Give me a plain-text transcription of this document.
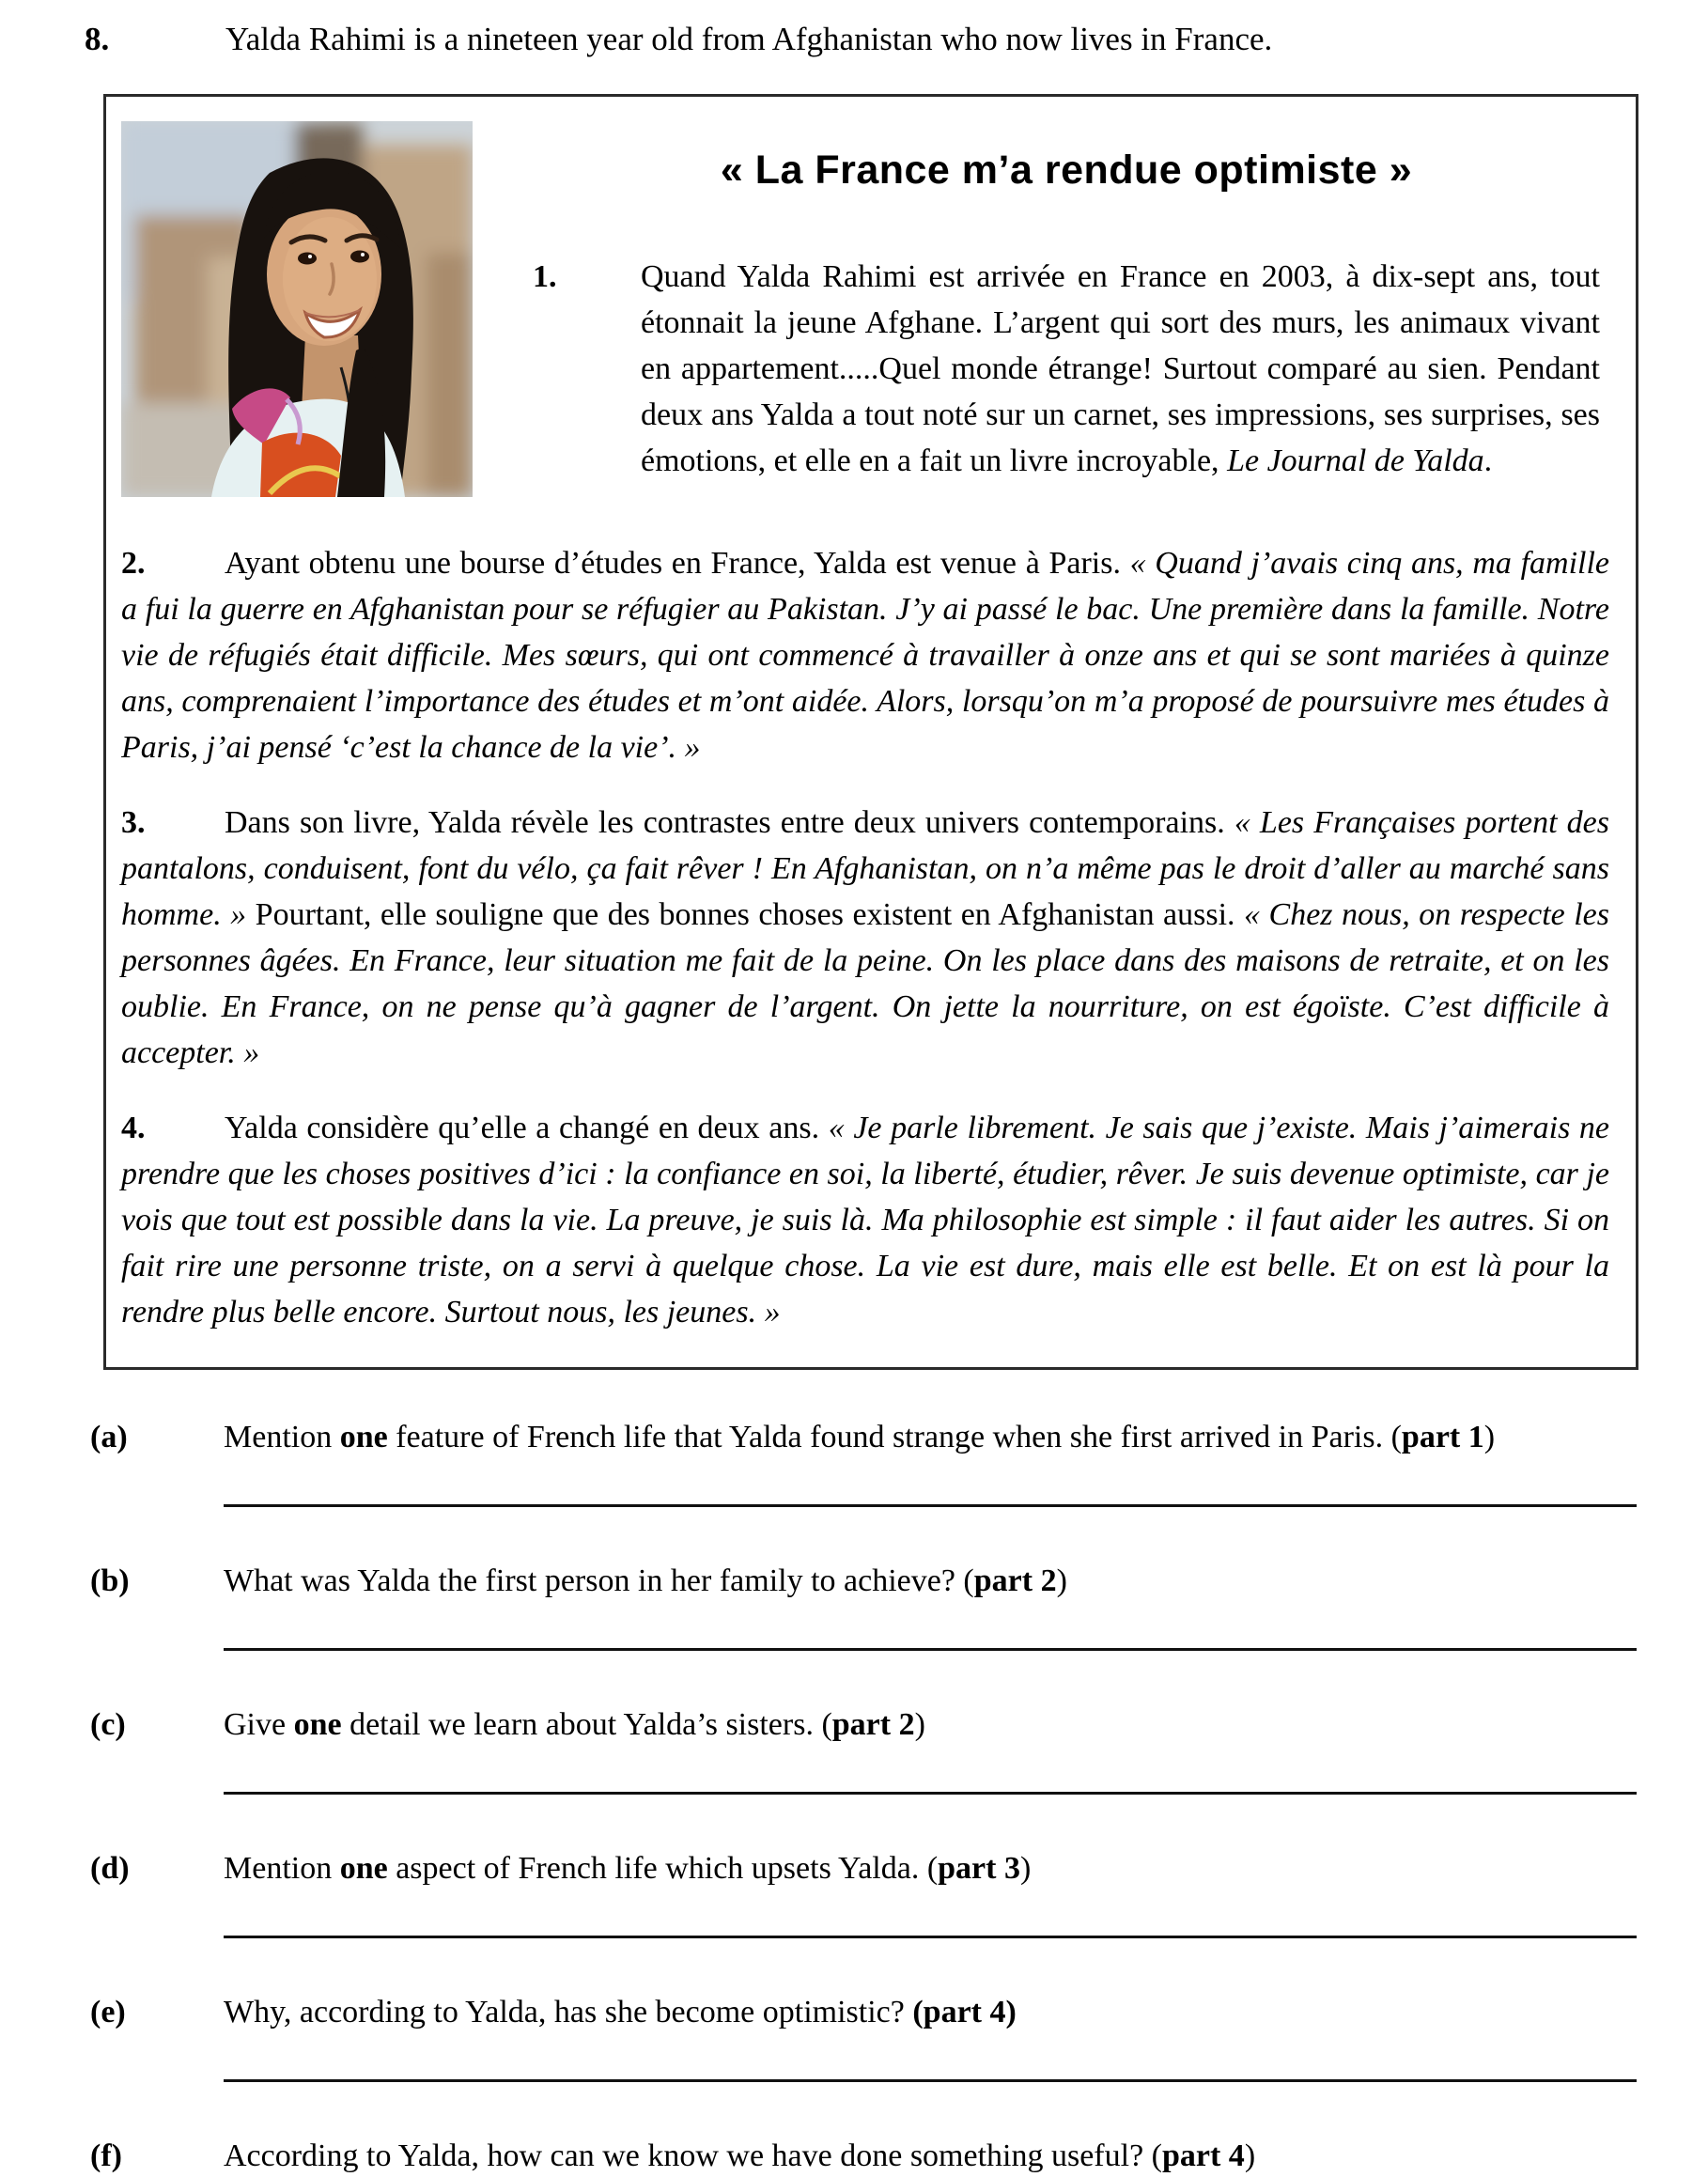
8.	Yalda Rahimi is a nineteen year old from Afghanistan who now lives in France.
« La France m’a rendue optimiste »
1.	Quand Yalda Rahimi est arrivée en France en 2003, à dix-sept ans, tout étonnait la jeune Afghane. L’argent qui sort des murs, les animaux vivant en appartement.....Quel monde étrange! Surtout comparé au sien. Pendant deux ans Yalda a tout noté sur un carnet, ses impressions, ses surprises, ses émotions, et elle en a fait un livre incroyable, Le Journal de Yalda.

2. Ayant obtenu une bourse d’études en France, Yalda est venue à Paris. « Quand j’avais cinq ans, ma famille a fui la guerre en Afghanistan pour se réfugier au Pakistan. J’y ai passé le bac. Une première dans la famille. Notre vie de réfugiés était difficile. Mes sœurs, qui ont commencé à travailler à onze ans et qui se sont mariées à quinze ans, comprenaient l’importance des études et m’ont aidée. Alors, lorsqu’on m’a proposé de poursuivre mes études à Paris, j’ai pensé ‘c’est la chance de la vie’. »

3. Dans son livre, Yalda révèle les contrastes entre deux univers contemporains. « Les Françaises portent des pantalons, conduisent, font du vélo, ça fait rêver ! En Afghanistan, on n’a même pas le droit d’aller au marché sans homme. » Pourtant, elle souligne que des bonnes choses existent en Afghanistan aussi. « Chez nous, on respecte les personnes âgées. En France, leur situation me fait de la peine. On les place dans des maisons de retraite, et on les oublie. En France, on ne pense qu’à gagner de l’argent. On jette la nourriture, on est égoïste. C’est difficile à accepter. »

4. Yalda considère qu’elle a changé en deux ans. « Je parle librement. Je sais que j’existe. Mais j’aimerais ne prendre que les choses positives d’ici : la confiance en soi, la liberté, étudier, rêver. Je suis devenue optimiste, car je vois que tout est possible dans la vie. La preuve, je suis là. Ma philosophie est simple : il faut aider les autres. Si on fait rire une personne triste, on a servi à quelque chose. La vie est dure, mais elle est belle. Et on est là pour la rendre plus belle encore. Surtout nous, les jeunes. »

(a)	Mention one feature of French life that Yalda found strange when she first arrived in Paris. (part 1)
(b)	What was Yalda the first person in her family to achieve? (part 2)
(c)	Give one detail we learn about Yalda’s sisters. (part 2)
(d)	Mention one aspect of French life which upsets Yalda. (part 3)
(e)	Why, according to Yalda, has she become optimistic? (part 4)
(f)	According to Yalda, how can we know we have done something useful? (part 4)
